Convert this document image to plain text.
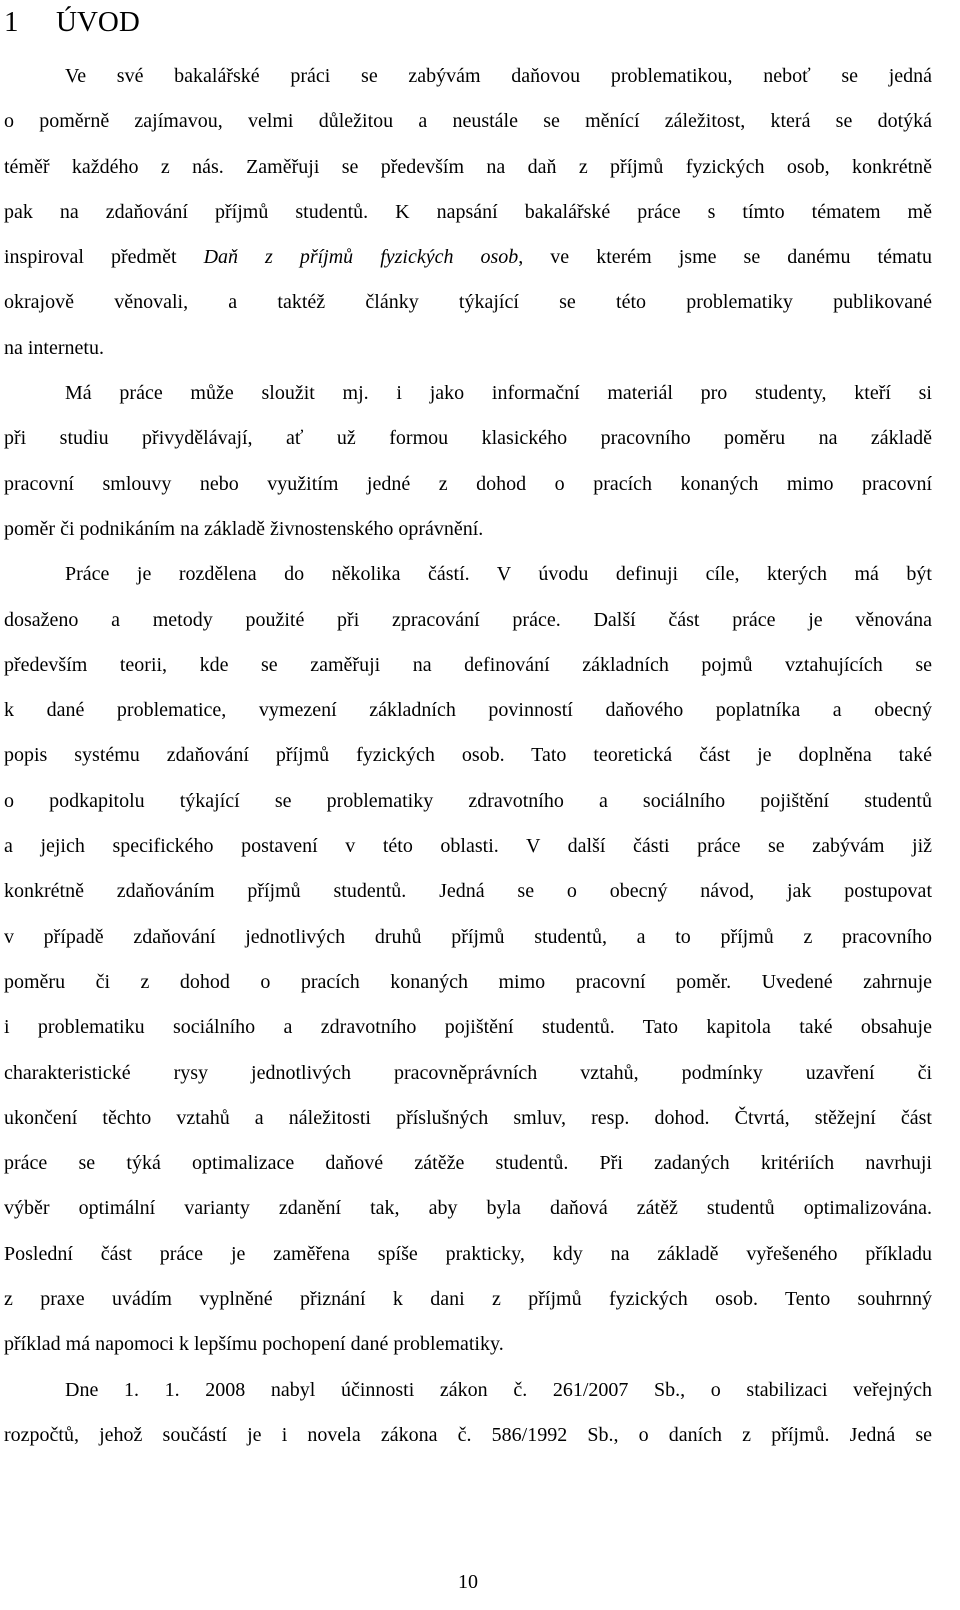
1 ÚVOD

Ve své bakalářské práci se zabývám daňovou problematikou, neboť se jedná
o poměrně zajímavou, velmi důležitou a neustále se měnící záležitost, která se dotýká
téměř každého z nás. Zaměřuji se především na daň z příjmů fyzických osob, konkrétně
pak na zdaňování příjmů studentů. K napsání bakalářské práce s tímto tématem mě
inspiroval předmět Daň z příjmů fyzických osob, ve kterém jsme se danému tématu
okrajově věnovali, a taktéž články týkající se této problematiky publikované
na internetu.

Má práce může sloužit mj. i jako informační materiál pro studenty, kteří si
při studiu přivydělávají, ať už formou klasického pracovního poměru na základě
pracovní smlouvy nebo využitím jedné z dohod o pracích konaných mimo pracovní
poměr či podnikáním na základě živnostenského oprávnění.

Práce je rozdělena do několika částí. V úvodu definuji cíle, kterých má být
dosaženo a metody použité při zpracování práce. Další část práce je věnována
především teorii, kde se zaměřuji na definování základních pojmů vztahujících se
k dané problematice, vymezení základních povinností daňového poplatníka a obecný
popis systému zdaňování příjmů fyzických osob. Tato teoretická část je doplněna také
o podkapitolu týkající se problematiky zdravotního a sociálního pojištění studentů
a jejich specifického postavení v této oblasti. V další části práce se zabývám již
konkrétně zdaňováním příjmů studentů. Jedná se o obecný návod, jak postupovat
v případě zdaňování jednotlivých druhů příjmů studentů, a to příjmů z pracovního
poměru či z dohod o pracích konaných mimo pracovní poměr. Uvedené zahrnuje
i problematiku sociálního a zdravotního pojištění studentů. Tato kapitola také obsahuje
charakteristické rysy jednotlivých pracovněprávních vztahů, podmínky uzavření či
ukončení těchto vztahů a náležitosti příslušných smluv, resp. dohod. Čtvrtá, stěžejní část
práce se týká optimalizace daňové zátěže studentů. Při zadaných kritériích navrhuji
výběr optimální varianty zdanění tak, aby byla daňová zátěž studentů optimalizována.
Poslední část práce je zaměřena spíše prakticky, kdy na základě vyřešeného příkladu
z praxe uvádím vyplněné přiznání k dani z příjmů fyzických osob. Tento souhrnný
příklad má napomoci k lepšímu pochopení dané problematiky.

Dne 1. 1. 2008 nabyl účinnosti zákon č. 261/2007 Sb., o stabilizaci veřejných
rozpočtů, jehož součástí je i novela zákona č. 586/1992 Sb., o daních z příjmů. Jedná se

10
